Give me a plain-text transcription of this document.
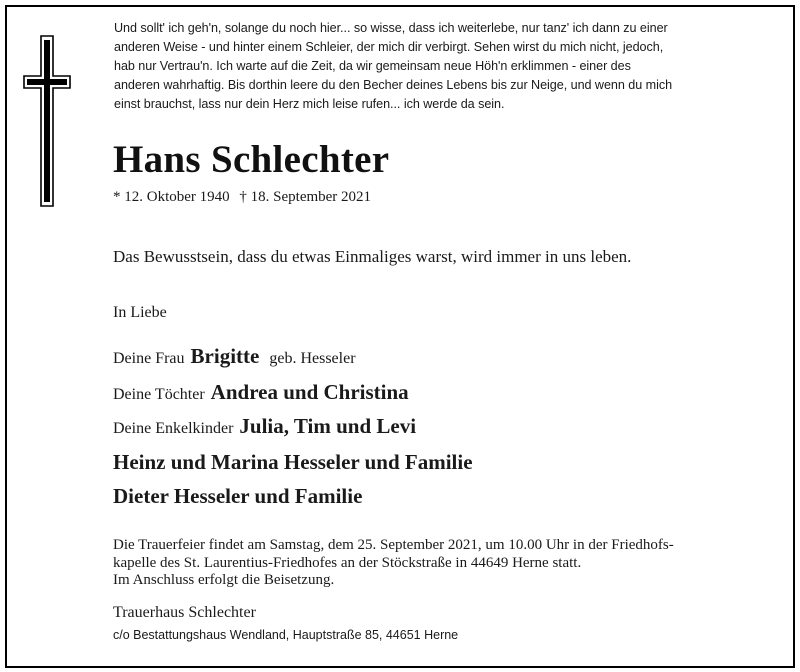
Und sollt' ich geh'n, solange du noch hier... so wisse, dass ich weiterlebe, nur tanz' ich dann zu einer
anderen Weise - und hinter einem Schleier, der mich dir verbirgt. Sehen wirst du mich nicht, jedoch,
hab nur Vertrau'n. Ich warte auf die Zeit, da wir gemeinsam neue Höh'n erklimmen - einer des
anderen wahrhaftig. Bis dorthin leere du den Becher deines Lebens bis zur Neige, und wenn du mich
einst brauchst, lass nur dein Herz mich leise rufen... ich werde da sein.
Hans Schlechter
* 12. Oktober 1940 † 18. September 2021
Das Bewusstsein, dass du etwas Einmaliges warst, wird immer in uns leben.
In Liebe
Deine Frau Brigitte geb. Hesseler
Deine Töchter Andrea und Christina
Deine Enkelkinder Julia, Tim und Levi
Heinz und Marina Hesseler und Familie
Dieter Hesseler und Familie
Die Trauerfeier findet am Samstag, dem 25. September 2021, um 10.00 Uhr in der Friedhofs-
kapelle des St. Laurentius-Friedhofes an der Stöckstraße in 44649 Herne statt.
Im Anschluss erfolgt die Beisetzung.
Trauerhaus Schlechter
c/o Bestattungshaus Wendland, Hauptstraße 85, 44651 Herne
